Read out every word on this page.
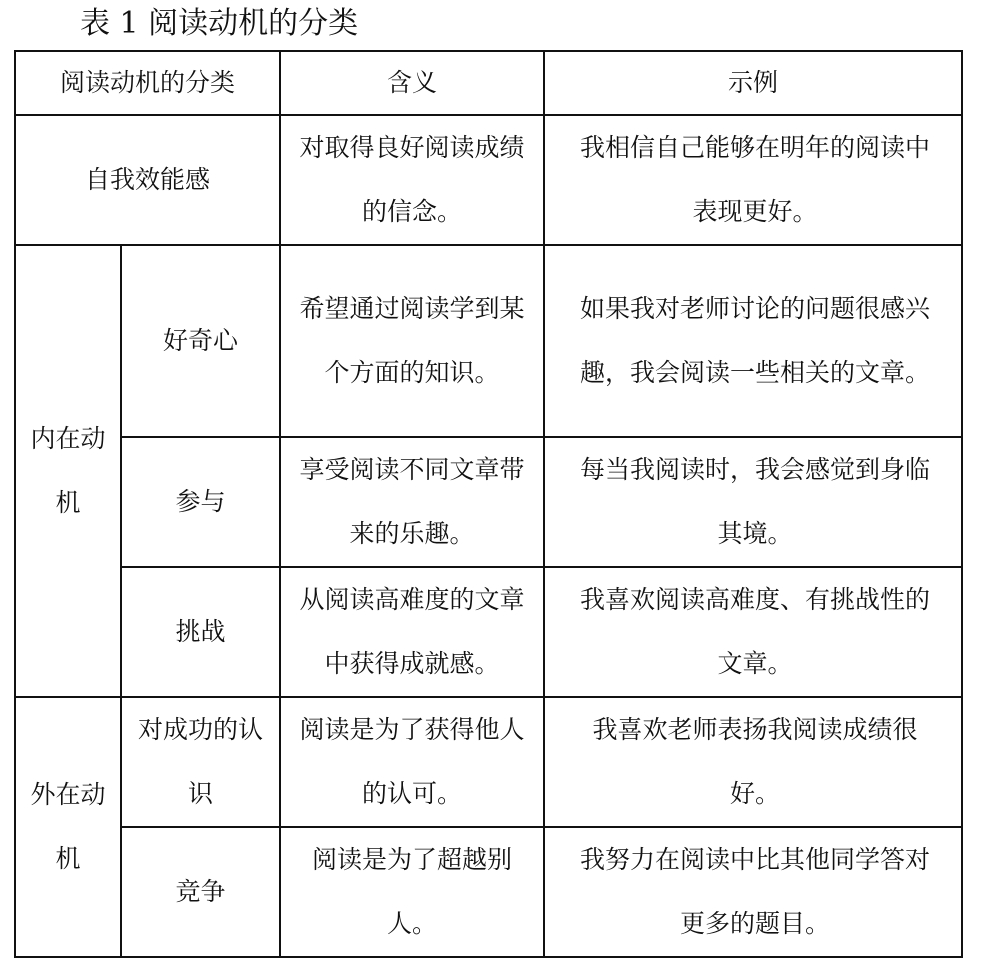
表 1 阅读动机的分类
阅读动机的分类		含义	示例
自我效能感		对取得良好阅读成绩的信念。	我相信自己能够在明年的阅读中表现更好。
内在动机	好奇心	希望通过阅读学到某个方面的知识。	如果我对老师讨论的问题很感兴趣，我会阅读一些相关的文章。
	参与	享受阅读不同文章带来的乐趣。	每当我阅读时，我会感觉到身临其境。
	挑战	从阅读高难度的文章中获得成就感。	我喜欢阅读高难度、有挑战性的文章。
外在动机	对成功的认识	阅读是为了获得他人的认可。	我喜欢老师表扬我阅读成绩很好。
	竞争	阅读是为了超越别人。	我努力在阅读中比其他同学答对更多的题目。
